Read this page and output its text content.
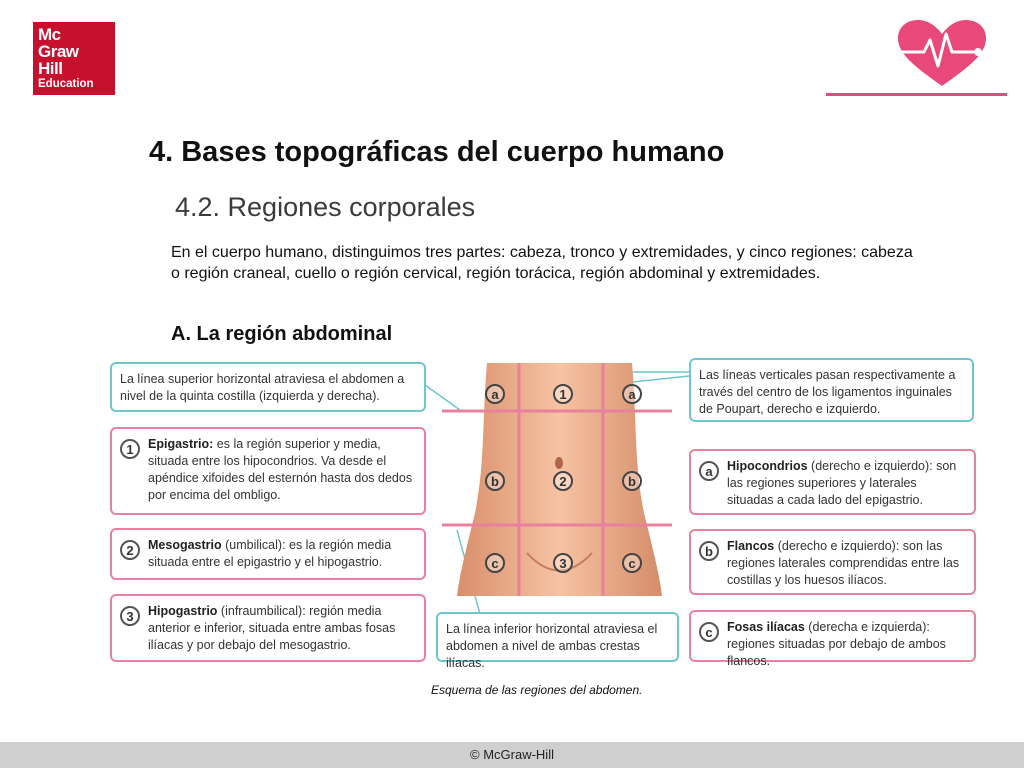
Mc
Graw
Hill
Education
4. Bases topográficas del cuerpo humano
4.2. Regiones corporales
En el cuerpo humano, distinguimos tres partes: cabeza, tronco y extremidades, y cinco regiones: cabeza o región craneal, cuello o región cervical, región torácica, región abdominal y extremidades.
A. La región abdominal
a	1	a
b	2	b
c	3	c
La línea superior horizontal atraviesa el abdomen a nivel de la quinta costilla (izquierda y derecha).
1	Epigastrio: es la región superior y media, situada entre los hipocondrios. Va desde el apéndice xifoides del esternón hasta dos dedos por encima del ombligo.
2	Mesogastrio (umbilical): es la región media situada entre el epigastrio y el hipogastrio.
3	Hipogastrio (infraumbilical): región media anterior e inferior, situada entre ambas fosas ilíacas y por debajo del mesogastrio.
La línea inferior horizontal atraviesa el abdomen a nivel de ambas crestas ilíacas.
Las líneas verticales pasan respectivamente a través del centro de los ligamentos inguinales de Poupart, derecho e izquierdo.
a	Hipocondrios (derecho e izquierdo): son las regiones superiores y laterales situadas a cada lado del epigastrio.
b	Flancos (derecho e izquierdo): son las regiones laterales comprendidas entre las costillas y los huesos ilíacos.
c	Fosas ilíacas (derecha e izquierda): regiones situadas por debajo de ambos flancos.
Esquema de las regiones del abdomen.
© McGraw-Hill
